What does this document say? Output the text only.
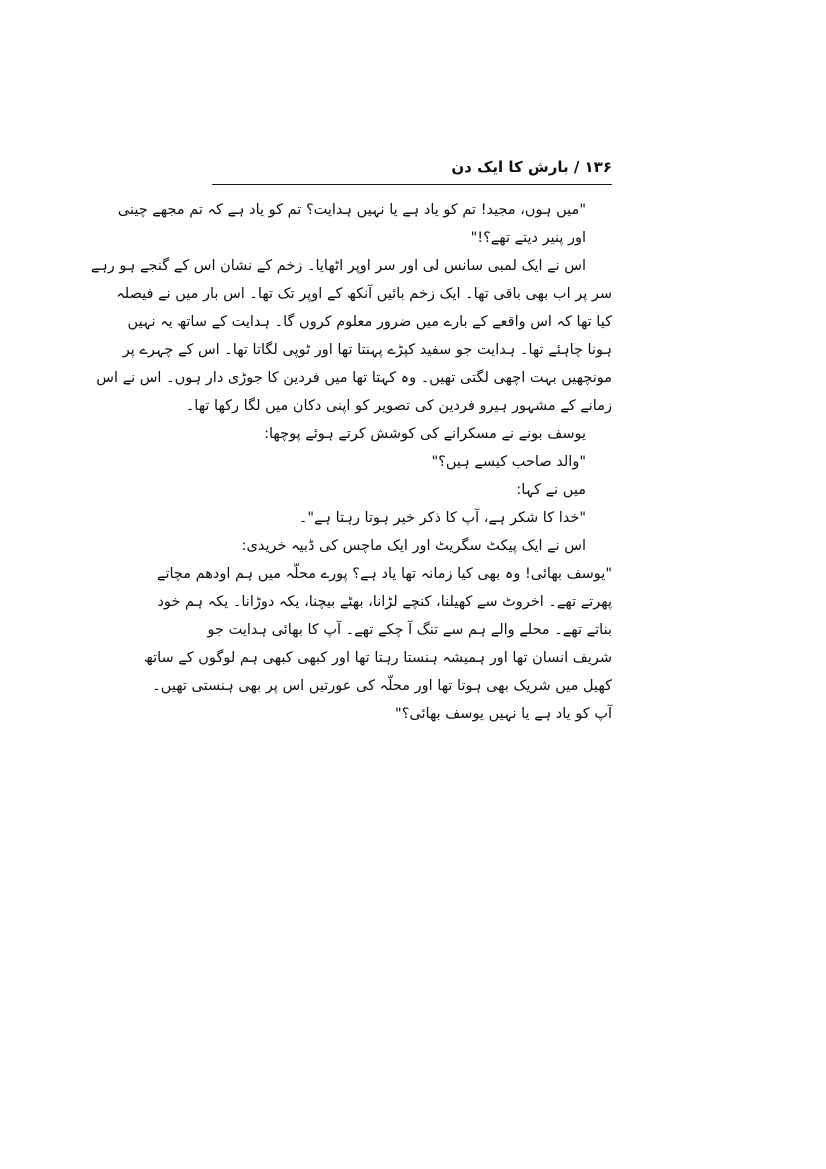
۱۳۶ / بارش کا ایک دن
"میں ہوں، مجید! تم کو یاد ہے یا نہیں ہدایت؟ تم کو یاد ہے کہ تم مجھے چینی
اور پنیر دیتے تھے؟!"
اس نے ایک لمبی سانس لی اور سر اوپر اٹھایا۔ زخم کے نشان اس کے گنجے ہو رہے
سر پر اب بھی باقی تھا۔ ایک زخم بائیں آنکھ کے اوپر تک تھا۔ اس بار میں نے فیصلہ
کیا تھا کہ اس واقعے کے بارے میں ضرور معلوم کروں گا۔ ہدایت کے ساتھ یہ نہیں
ہونا چاہئے تھا۔ ہدایت جو سفید کپڑے پہنتا تھا اور ٹوپی لگاتا تھا۔ اس کے چہرے پر
مونچھیں بہت اچھی لگتی تھیں۔ وہ کہتا تھا میں فردین کا جوڑی دار ہوں۔ اس نے اس
زمانے کے مشہور ہیرو فردین کی تصویر کو اپنی دکان میں لگا رکھا تھا۔
یوسف بونے نے مسکرانے کی کوشش کرتے ہوئے پوچھا:
"والد صاحب کیسے ہیں؟"
میں نے کہا:
"خدا کا شکر ہے، آپ کا ذکر خیر ہوتا رہتا ہے"۔
اس نے ایک پیکٹ سگریٹ اور ایک ماچس کی ڈبیہ خریدی:
"یوسف بھائی! وہ بھی کیا زمانہ تھا یاد ہے؟ پورے محلّہ میں ہم اودھم مچاتے
پھرتے تھے۔ اخروٹ سے کھیلنا، کنچے لڑانا، بھٹے بیچنا، یکہ دوڑانا۔ یکہ ہم خود
بناتے تھے۔ محلے والے ہم سے تنگ آ چکے تھے۔ آپ کا بھائی ہدایت جو
شریف انسان تھا اور ہمیشہ ہنستا رہتا تھا اور کبھی کبھی ہم لوگوں کے ساتھ
کھیل میں شریک بھی ہوتا تھا اور محلّہ کی عورتیں اس پر بھی ہنستی تھیں۔
آپ کو یاد ہے یا نہیں یوسف بھائی؟"
